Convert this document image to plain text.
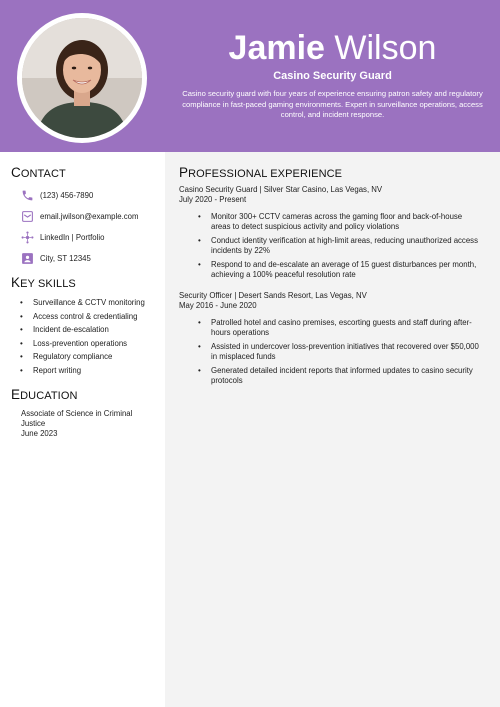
Jamie Wilson
Casino Security Guard
Casino security guard with four years of experience ensuring patron safety and regulatory compliance in fast-paced gaming environments. Expert in surveillance operations, access control, and incident response.
CONTACT
(123) 456-7890
email.jwilson@example.com
LinkedIn | Portfolio
City, ST 12345
KEY SKILLS
• Surveillance & CCTV monitoring
• Access control & credentialing
• Incident de-escalation
• Loss-prevention operations
• Regulatory compliance
• Report writing
EDUCATION
Associate of Science in Criminal Justice
June 2023
PROFESSIONAL EXPERIENCE
Casino Security Guard | Silver Star Casino, Las Vegas, NV
July 2020 - Present
• Monitor 300+ CCTV cameras across the gaming floor and back-of-house areas to detect suspicious activity and policy violations
• Conduct identity verification at high-limit areas, reducing unauthorized access incidents by 22%
• Respond to and de-escalate an average of 15 guest disturbances per month, achieving a 100% peaceful resolution rate
Security Officer | Desert Sands Resort, Las Vegas, NV
May 2016 - June 2020
• Patrolled hotel and casino premises, escorting guests and staff during after-hours operations
• Assisted in undercover loss-prevention initiatives that recovered over $50,000 in misplaced funds
• Generated detailed incident reports that informed updates to casino security protocols
